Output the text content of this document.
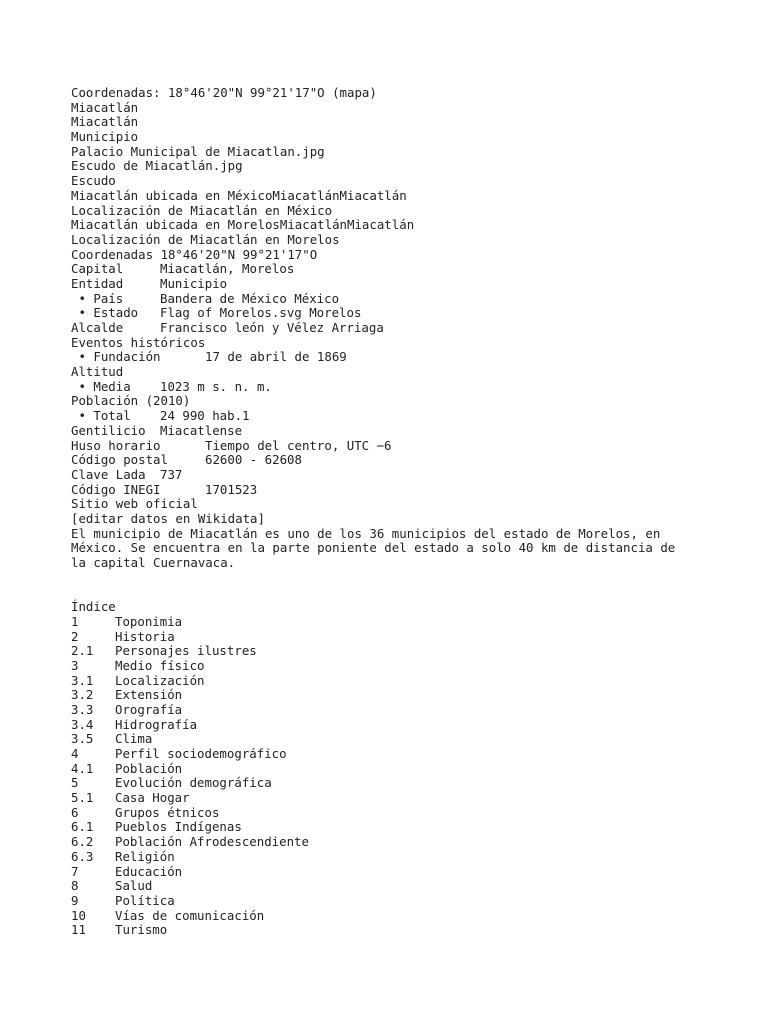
Coordenadas: 18°46'20"N 99°21'17"O (mapa)
Miacatlán
Miacatlán
Municipio
Palacio Municipal de Miacatlan.jpg
Escudo de Miacatlán.jpg
Escudo
Miacatlán ubicada en MéxicoMiacatlánMiacatlán
Localización de Miacatlán en México
Miacatlán ubicada en MorelosMiacatlánMiacatlán
Localización de Miacatlán en Morelos
Coordenadas 18°46'20"N 99°21'17"O
Capital	Miacatlán, Morelos
Entidad	Municipio
• País	Bandera de México México
• Estado	Flag of Morelos.svg Morelos
Alcalde	Francisco león y Vélez Arriaga
Eventos históricos
• Fundación	17 de abril de 1869
Altitud
• Media	1023 m s. n. m.
Población (2010)
• Total	24 990 hab.1
Gentilicio	Miacatlense
Huso horario	Tiempo del centro, UTC −6
Código postal	62600 - 62608
Clave Lada	737
Código INEGI	1701523
Sitio web oficial
[editar datos en Wikidata]
El municipio de Miacatlán es uno de los 36 municipios del estado de Morelos, en México. Se encuentra en la parte poniente del estado a solo 40 km de distancia de la capital Cuernavaca.
Índice
1	Toponimia
2	Historia
2.1	Personajes ilustres
3	Medio físico
3.1	Localización
3.2	Extensión
3.3	Orografía
3.4	Hidrografía
3.5	Clima
4	Perfil sociodemográfico
4.1	Población
5	Evolución demográfica
5.1	Casa Hogar
6	Grupos étnicos
6.1	Pueblos Indígenas
6.2	Población Afrodescendiente
6.3	Religión
7	Educación
8	Salud
9	Política
10	Vías de comunicación
11	Turismo
